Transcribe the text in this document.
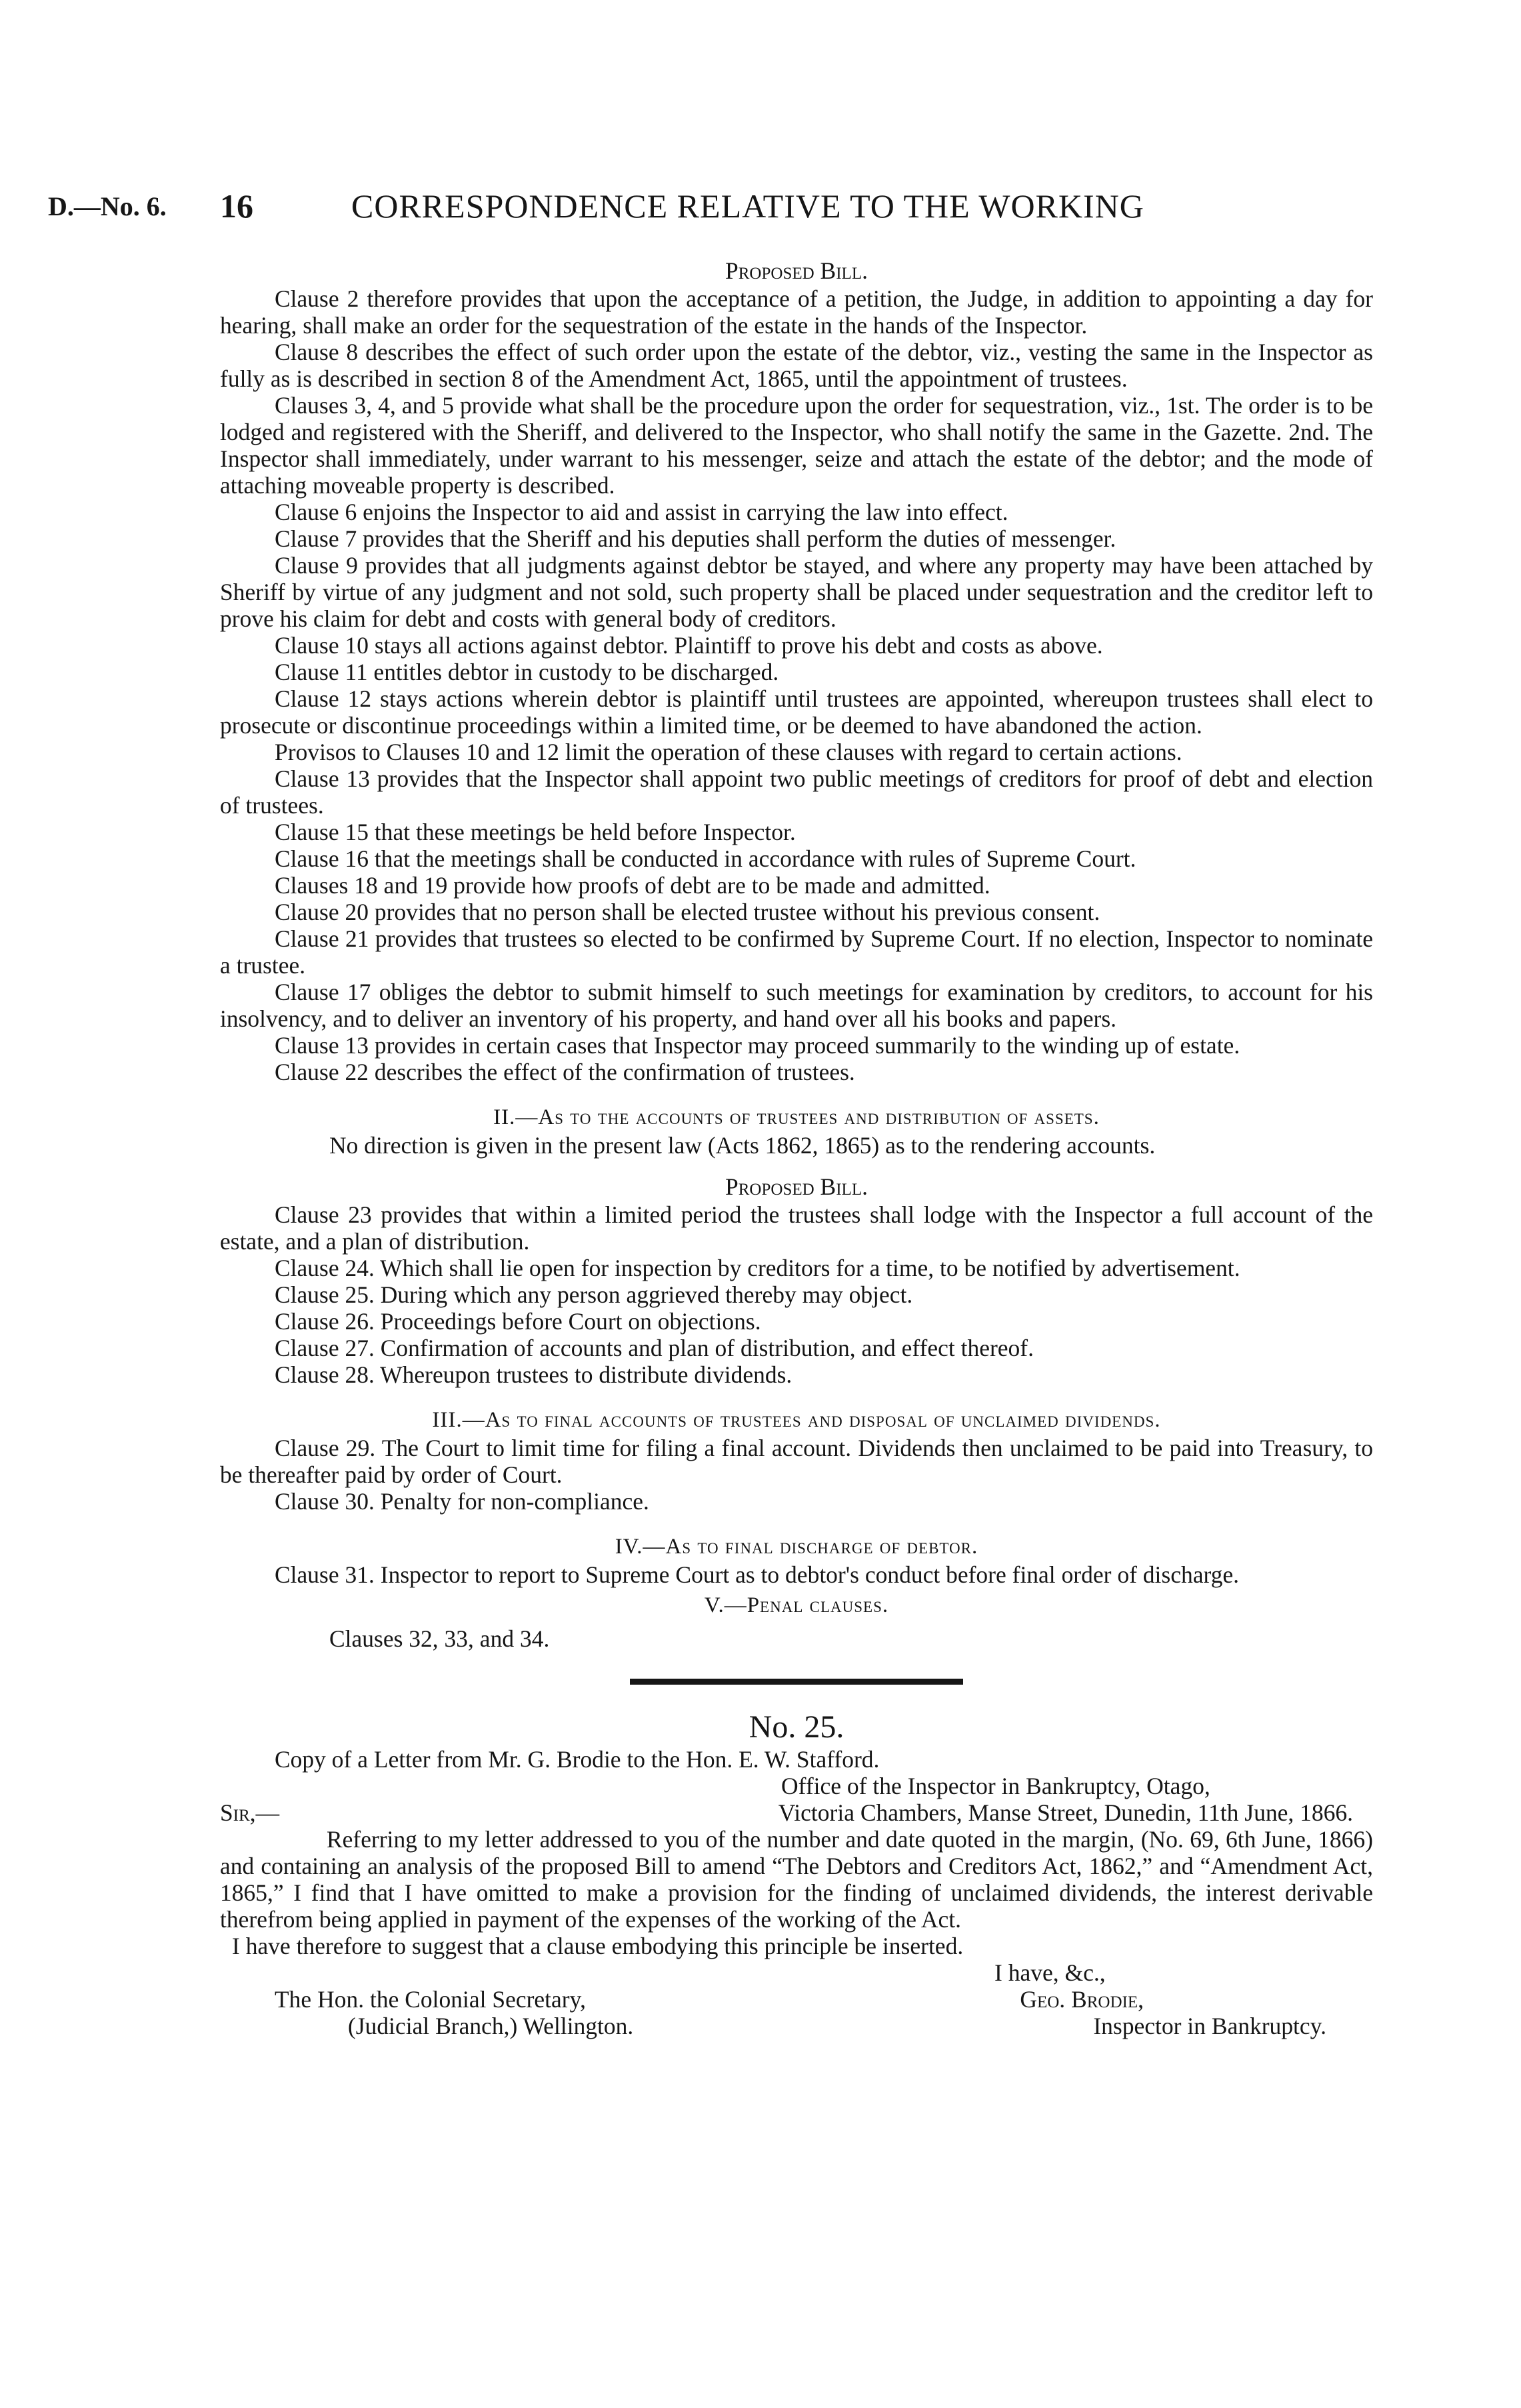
D.—No. 6. 16	CORRESPONDENCE RELATIVE TO THE WORKING
Proposed Bill.

Clause 2 therefore provides that upon the acceptance of a petition, the Judge, in addition to appointing a day for hearing, shall make an order for the sequestration of the estate in the hands of the Inspector.

Clause 8 describes the effect of such order upon the estate of the debtor, viz., vesting the same in the Inspector as fully as is described in section 8 of the Amendment Act, 1865, until the appointment of trustees.

Clauses 3, 4, and 5 provide what shall be the procedure upon the order for sequestration, viz., 1st. The order is to be lodged and registered with the Sheriff, and delivered to the Inspector, who shall notify the same in the Gazette. 2nd. The Inspector shall immediately, under warrant to his messenger, seize and attach the estate of the debtor; and the mode of attaching moveable property is described.

Clause 6 enjoins the Inspector to aid and assist in carrying the law into effect.

Clause 7 provides that the Sheriff and his deputies shall perform the duties of messenger.

Clause 9 provides that all judgments against debtor be stayed, and where any property may have been attached by Sheriff by virtue of any judgment and not sold, such property shall be placed under sequestration and the creditor left to prove his claim for debt and costs with general body of creditors.

Clause 10 stays all actions against debtor. Plaintiff to prove his debt and costs as above.

Clause 11 entitles debtor in custody to be discharged.

Clause 12 stays actions wherein debtor is plaintiff until trustees are appointed, whereupon trustees shall elect to prosecute or discontinue proceedings within a limited time, or be deemed to have abandoned the action.

Provisos to Clauses 10 and 12 limit the operation of these clauses with regard to certain actions.

Clause 13 provides that the Inspector shall appoint two public meetings of creditors for proof of debt and election of trustees.

Clause 15 that these meetings be held before Inspector.

Clause 16 that the meetings shall be conducted in accordance with rules of Supreme Court.

Clauses 18 and 19 provide how proofs of debt are to be made and admitted.

Clause 20 provides that no person shall be elected trustee without his previous consent.

Clause 21 provides that trustees so elected to be confirmed by Supreme Court. If no election, Inspector to nominate a trustee.

Clause 17 obliges the debtor to submit himself to such meetings for examination by creditors, to account for his insolvency, and to deliver an inventory of his property, and hand over all his books and papers.

Clause 13 provides in certain cases that Inspector may proceed summarily to the winding up of estate.

Clause 22 describes the effect of the confirmation of trustees.

II.—As to the accounts of trustees and distribution of assets.

No direction is given in the present law (Acts 1862, 1865) as to the rendering accounts.

Proposed Bill.

Clause 23 provides that within a limited period the trustees shall lodge with the Inspector a full account of the estate, and a plan of distribution.

Clause 24. Which shall lie open for inspection by creditors for a time, to be notified by advertisement.

Clause 25. During which any person aggrieved thereby may object.

Clause 26. Proceedings before Court on objections.

Clause 27. Confirmation of accounts and plan of distribution, and effect thereof.

Clause 28. Whereupon trustees to distribute dividends.

III.—As to final accounts of trustees and disposal of unclaimed dividends.

Clause 29. The Court to limit time for filing a final account. Dividends then unclaimed to be paid into Treasury, to be thereafter paid by order of Court.

Clause 30. Penalty for non-compliance.

IV.—As to final discharge of debtor.

Clause 31. Inspector to report to Supreme Court as to debtor's conduct before final order of discharge.

V.—Penal clauses.

Clauses 32, 33, and 34.

No. 25.

Copy of a Letter from Mr. G. Brodie to the Hon. E. W. Stafford.

Office of the Inspector in Bankruptcy, Otago,

Sir,—	Victoria Chambers, Manse Street, Dunedin, 11th June, 1866.

Referring to my letter addressed to you of the number and date quoted in the margin, (No. 69, 6th June, 1866) and containing an analysis of the proposed Bill to amend “The Debtors and Creditors Act, 1862,” and “Amendment Act, 1865,” I find that I have omitted to make a provision for the finding of unclaimed dividends, the interest derivable therefrom being applied in payment of the expenses of the working of the Act.

I have therefore to suggest that a clause embodying this principle be inserted.

I have, &c.,

The Hon. the Colonial Secretary,
(Judicial Branch,) Wellington.
Geo. Brodie,
Inspector in Bankruptcy.
